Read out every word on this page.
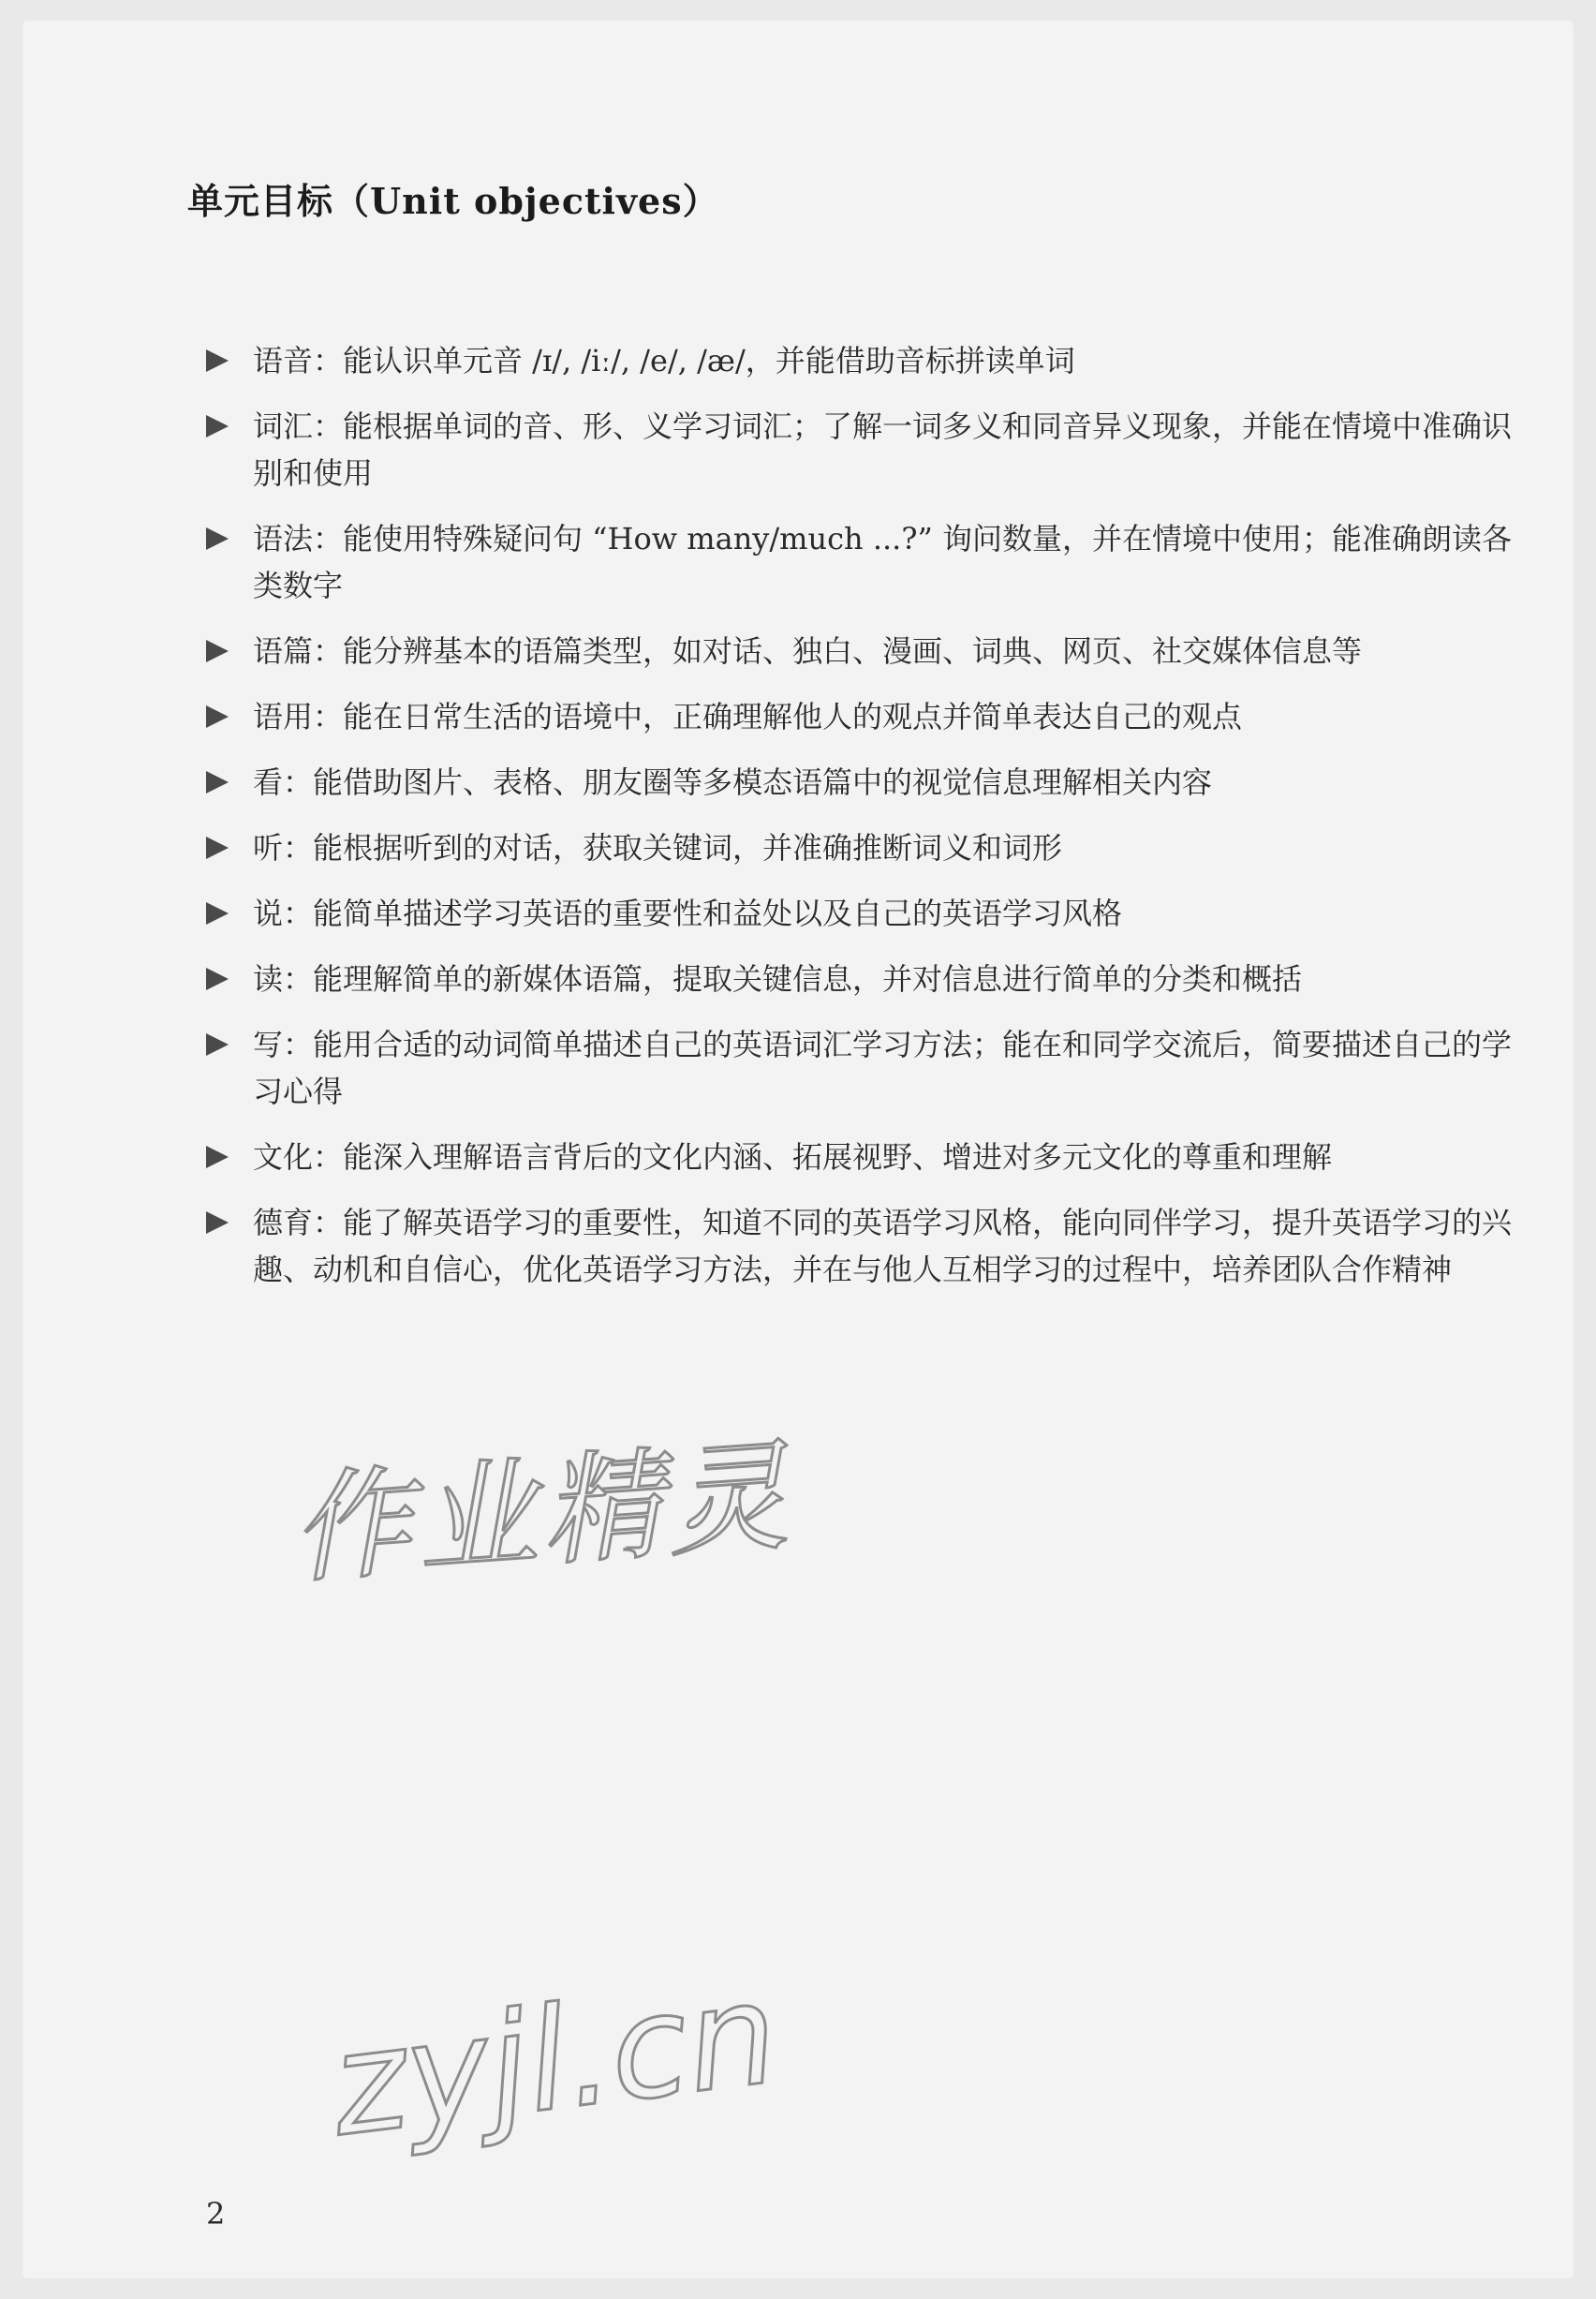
单元目标（Unit objectives）
语音：能认识单元音 /ɪ/, /iː/, /e/, /æ/，并能借助音标拼读单词
词汇：能根据单词的音、形、义学习词汇；了解一词多义和同音异义现象，并能在情境中准确识别和使用
语法：能使用特殊疑问句 “How many/much ...?” 询问数量，并在情境中使用；能准确朗读各类数字
语篇：能分辨基本的语篇类型，如对话、独白、漫画、词典、网页、社交媒体信息等
语用：能在日常生活的语境中，正确理解他人的观点并简单表达自己的观点
看：能借助图片、表格、朋友圈等多模态语篇中的视觉信息理解相关内容
听：能根据听到的对话，获取关键词，并准确推断词义和词形
说：能简单描述学习英语的重要性和益处以及自己的英语学习风格
读：能理解简单的新媒体语篇，提取关键信息，并对信息进行简单的分类和概括
写：能用合适的动词简单描述自己的英语词汇学习方法；能在和同学交流后，简要描述自己的学习心得
文化：能深入理解语言背后的文化内涵、拓展视野、增进对多元文化的尊重和理解
德育：能了解英语学习的重要性，知道不同的英语学习风格，能向同伴学习，提升英语学习的兴趣、动机和自信心，优化英语学习方法，并在与他人互相学习的过程中，培养团队合作精神
作业精灵
zyjl.cn
2
